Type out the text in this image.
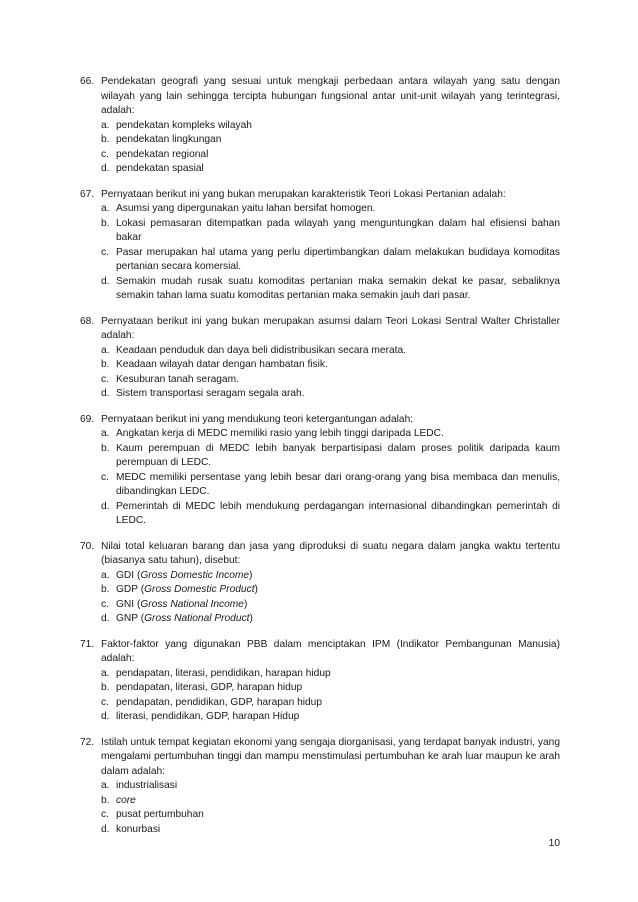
66. Pendekatan geografi yang sesuai untuk mengkaji perbedaan antara wilayah yang satu dengan wilayah yang lain sehingga tercipta hubungan fungsional antar unit-unit wilayah yang terintegrasi, adalah:
a. pendekatan kompleks wilayah
b. pendekatan lingkungan
c. pendekatan regional
d. pendekatan spasial
67. Pernyataan berikut ini yang bukan merupakan karakteristik Teori Lokasi Pertanian adalah:
a. Asumsi yang dipergunakan yaitu lahan bersifat homogen.
b. Lokasi pemasaran ditempatkan pada wilayah yang menguntungkan dalam hal efisiensi bahan bakar
c. Pasar merupakan hal utama yang perlu dipertimbangkan dalam melakukan budidaya komoditas pertanian secara komersial.
d. Semakin mudah rusak suatu komoditas pertanian maka semakin dekat ke pasar, sebaliknya semakin tahan lama suatu komoditas pertanian maka semakin jauh dari pasar.
68. Pernyataan berikut ini yang bukan merupakan asumsi dalam Teori Lokasi Sentral Walter Christaller adalah:
a. Keadaan penduduk dan daya beli didistribusikan secara merata.
b. Keadaan wilayah datar dengan hambatan fisik.
c. Kesuburan tanah seragam.
d. Sistem transportasi seragam segala arah.
69. Pernyataan berikut ini yang mendukung teori ketergantungan adalah:
a. Angkatan kerja di MEDC memiliki rasio yang lebih tinggi daripada LEDC.
b. Kaum perempuan di MEDC lebih banyak berpartisipasi dalam proses politik daripada kaum perempuan di LEDC.
c. MEDC memiliki persentase yang lebih besar dari orang-orang yang bisa membaca dan menulis, dibandingkan LEDC.
d. Pemerintah di MEDC lebih mendukung perdagangan internasional dibandingkan pemerintah di LEDC.
70. Nilai total keluaran barang dan jasa yang diproduksi di suatu negara dalam jangka waktu tertentu (biasanya satu tahun), disebut:
a. GDI (Gross Domestic Income)
b. GDP (Gross Domestic Product)
c. GNI (Gross National Income)
d. GNP (Gross National Product)
71. Faktor-faktor yang digunakan PBB dalam menciptakan IPM (Indikator Pembangunan Manusia) adalah:
a. pendapatan, literasi, pendidikan, harapan hidup
b. pendapatan, literasi, GDP, harapan hidup
c. pendapatan, pendidikan, GDP, harapan hidup
d. literasi, pendidikan, GDP, harapan Hidup
72. Istilah untuk tempat kegiatan ekonomi yang sengaja diorganisasi, yang terdapat banyak industri, yang mengalami pertumbuhan tinggi dan mampu menstimulasi pertumbuhan ke arah luar maupun ke arah dalam adalah:
a. industrialisasi
b. core
c. pusat pertumbuhan
d. konurbasi
10
